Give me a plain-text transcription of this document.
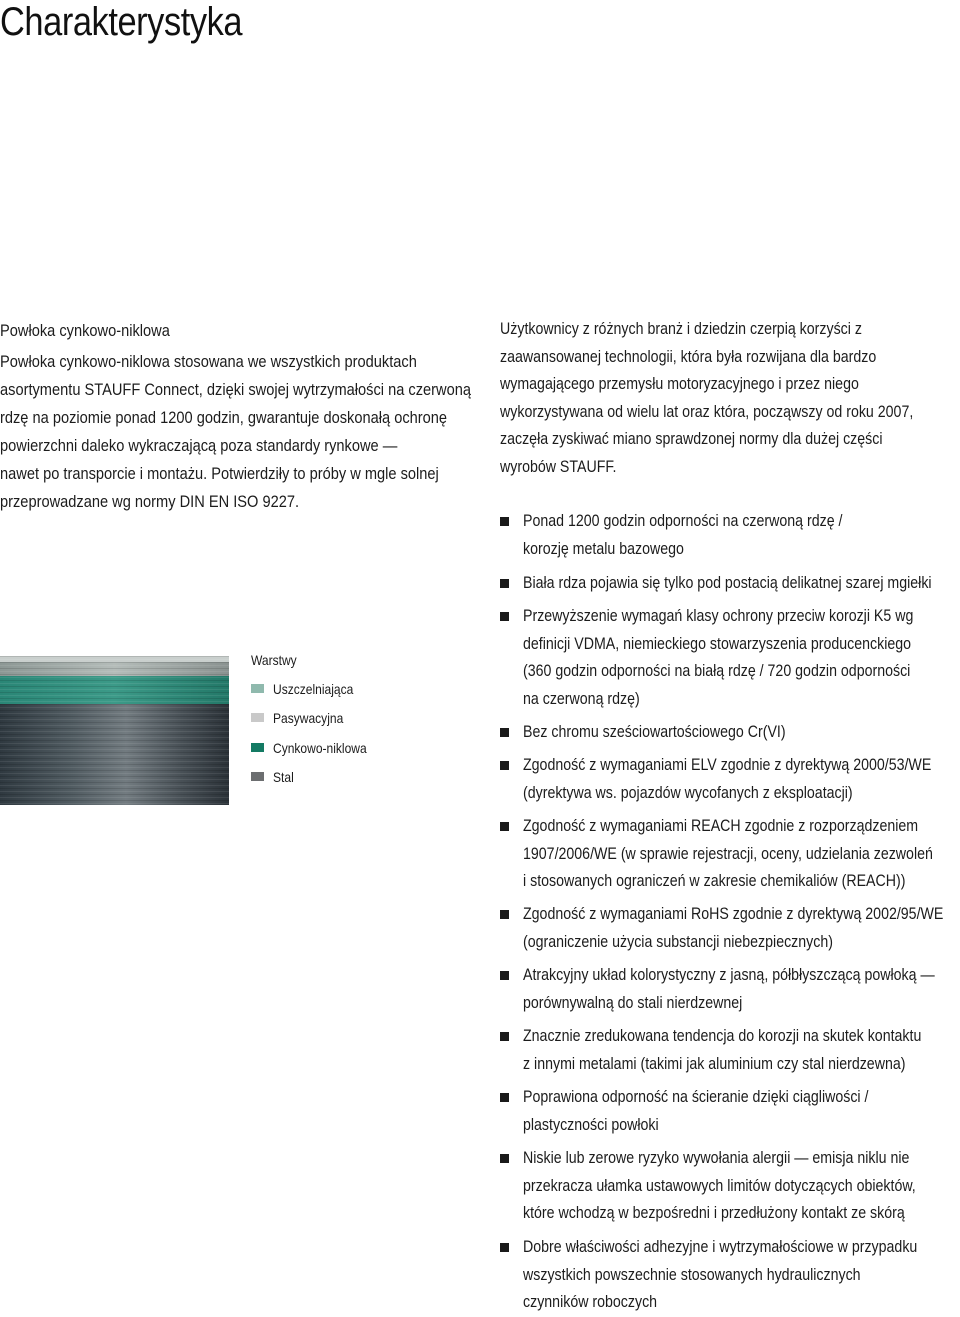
Charakterystyka
Powłoka cynkowo-niklowa
Powłoka cynkowo-niklowa stosowana we wszystkich produktach
asortymentu STAUFF Connect, dzięki swojej wytrzymałości na czerwoną
rdzę na poziomie ponad 1200 godzin, gwarantuje doskonałą ochronę
powierzchni daleko wykraczającą poza standardy rynkowe —
nawet po transporcie i montażu. Potwierdziły to próby w mgle solnej
przeprowadzane wg normy DIN EN ISO 9227.
Warstwy
Uszczelniająca
Pasywacyjna
Cynkowo-niklowa
Stal
Użytkownicy z różnych branż i dziedzin czerpią korzyści z
zaawansowanej technologii, która była rozwijana dla bardzo
wymagającego przemysłu motoryzacyjnego i przez niego
wykorzystywana od wielu lat oraz która, począwszy od roku 2007,
zaczęła zyskiwać miano sprawdzonej normy dla dużej części
wyrobów STAUFF.
Ponad 1200 godzin odporności na czerwoną rdzę /
korozję metalu bazowego
Biała rdza pojawia się tylko pod postacią delikatnej szarej mgiełki
Przewyższenie wymagań klasy ochrony przeciw korozji K5 wg
definicji VDMA, niemieckiego stowarzyszenia producenckiego
(360 godzin odporności na białą rdzę / 720 godzin odporności
na czerwoną rdzę)
Bez chromu sześciowartościowego Cr(VI)
Zgodność z wymaganiami ELV zgodnie z dyrektywą 2000/53/WE
(dyrektywa ws. pojazdów wycofanych z eksploatacji)
Zgodność z wymaganiami REACH zgodnie z rozporządzeniem
1907/2006/WE (w sprawie rejestracji, oceny, udzielania zezwoleń
i stosowanych ograniczeń w zakresie chemikaliów (REACH))
Zgodność z wymaganiami RoHS zgodnie z dyrektywą 2002/95/WE
(ograniczenie użycia substancji niebezpiecznych)
Atrakcyjny układ kolorystyczny z jasną, półbłyszczącą powłoką —
porównywalną do stali nierdzewnej
Znacznie zredukowana tendencja do korozji na skutek kontaktu
z innymi metalami (takimi jak aluminium czy stal nierdzewna)
Poprawiona odporność na ścieranie dzięki ciągliwości /
plastyczności powłoki
Niskie lub zerowe ryzyko wywołania alergii — emisja niklu nie
przekracza ułamka ustawowych limitów dotyczących obiektów,
które wchodzą w bezpośredni i przedłużony kontakt ze skórą
Dobre właściwości adhezyjne i wytrzymałościowe w przypadku
wszystkich powszechnie stosowanych hydraulicznych
czynników roboczych
